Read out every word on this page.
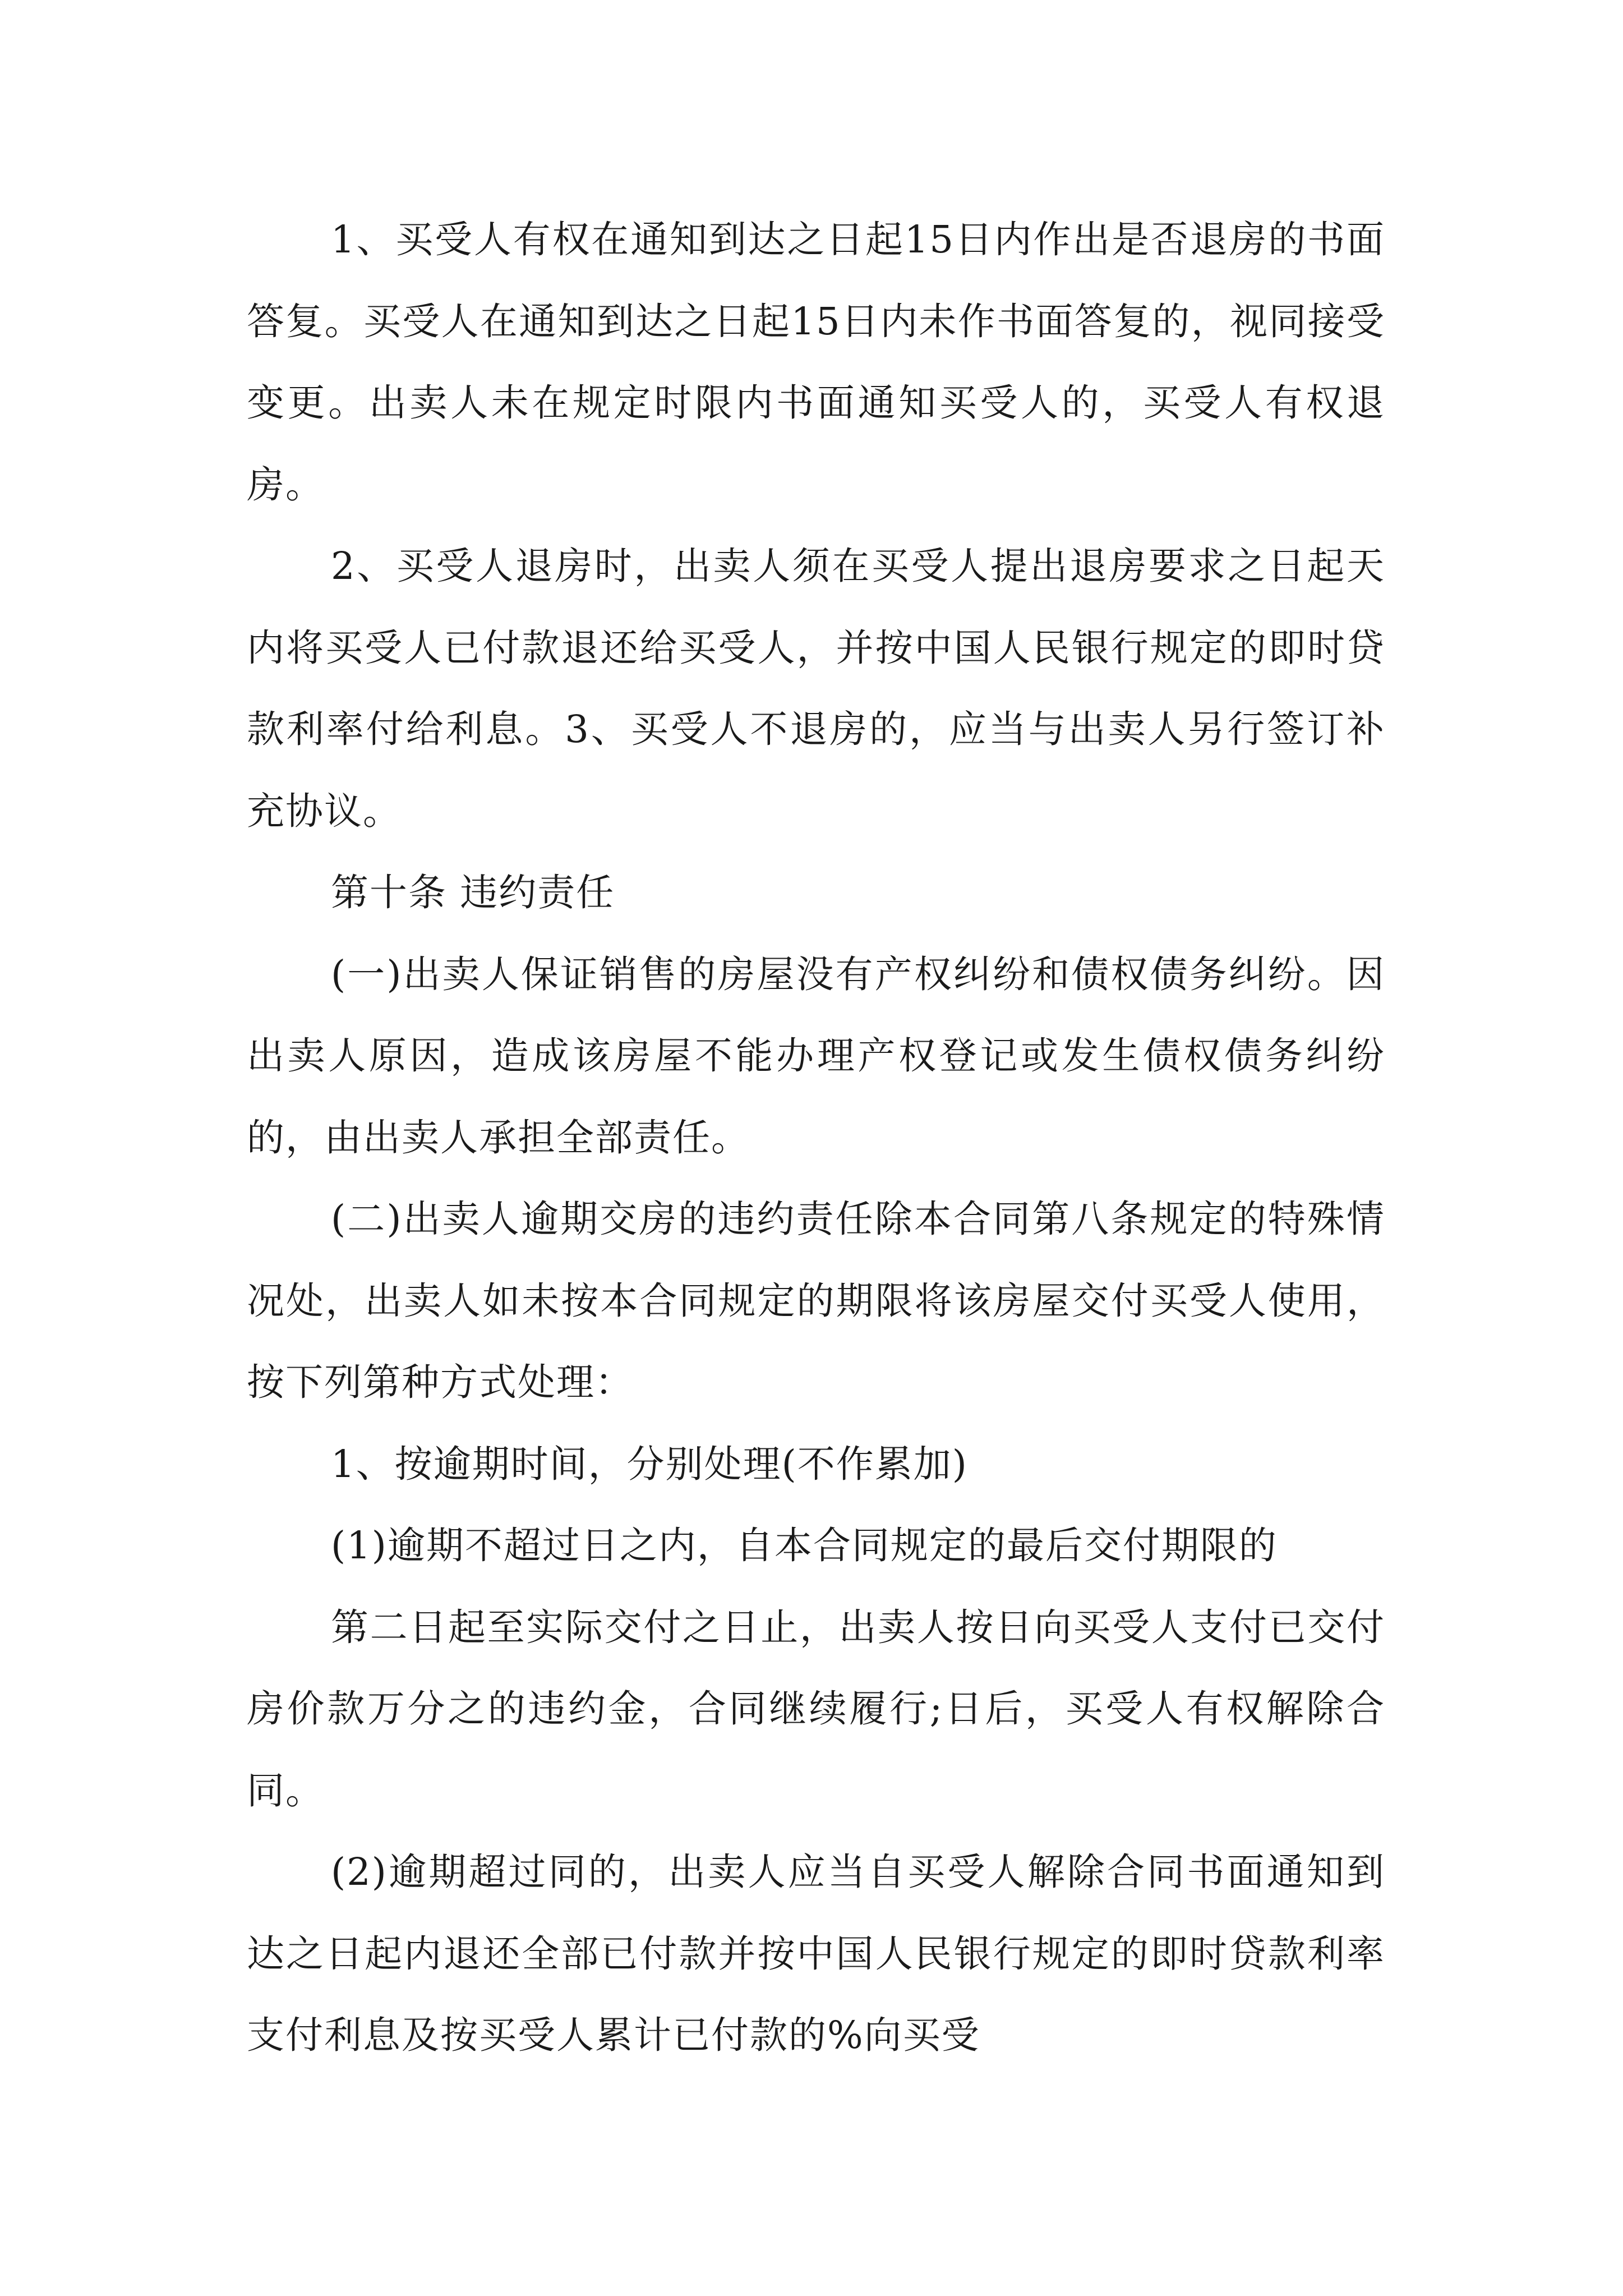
1、买受人有权在通知到达之日起15日内作出是否退房的书面答复。买受人在通知到达之日起15日内未作书面答复的，视同接受变更。出卖人未在规定时限内书面通知买受人的，买受人有权退房。

2、买受人退房时，出卖人须在买受人提出退房要求之日起天内将买受人已付款退还给买受人，并按中国人民银行规定的即时贷款利率付给利息。3、买受人不退房的，应当与出卖人另行签订补充协议。

第十条 违约责任

(一)出卖人保证销售的房屋没有产权纠纷和债权债务纠纷。因出卖人原因，造成该房屋不能办理产权登记或发生债权债务纠纷的，由出卖人承担全部责任。

(二)出卖人逾期交房的违约责任除本合同第八条规定的特殊情况处，出卖人如未按本合同规定的期限将该房屋交付买受人使用，按下列第种方式处理：

1、按逾期时间，分别处理(不作累加)

(1)逾期不超过日之内，自本合同规定的最后交付期限的

第二日起至实际交付之日止，出卖人按日向买受人支付已交付房价款万分之的违约金，合同继续履行;日后，买受人有权解除合同。

(2)逾期超过同的，出卖人应当自买受人解除合同书面通知到达之日起内退还全部已付款并按中国人民银行规定的即时贷款利率支付利息及按买受人累计已付款的%向买受
